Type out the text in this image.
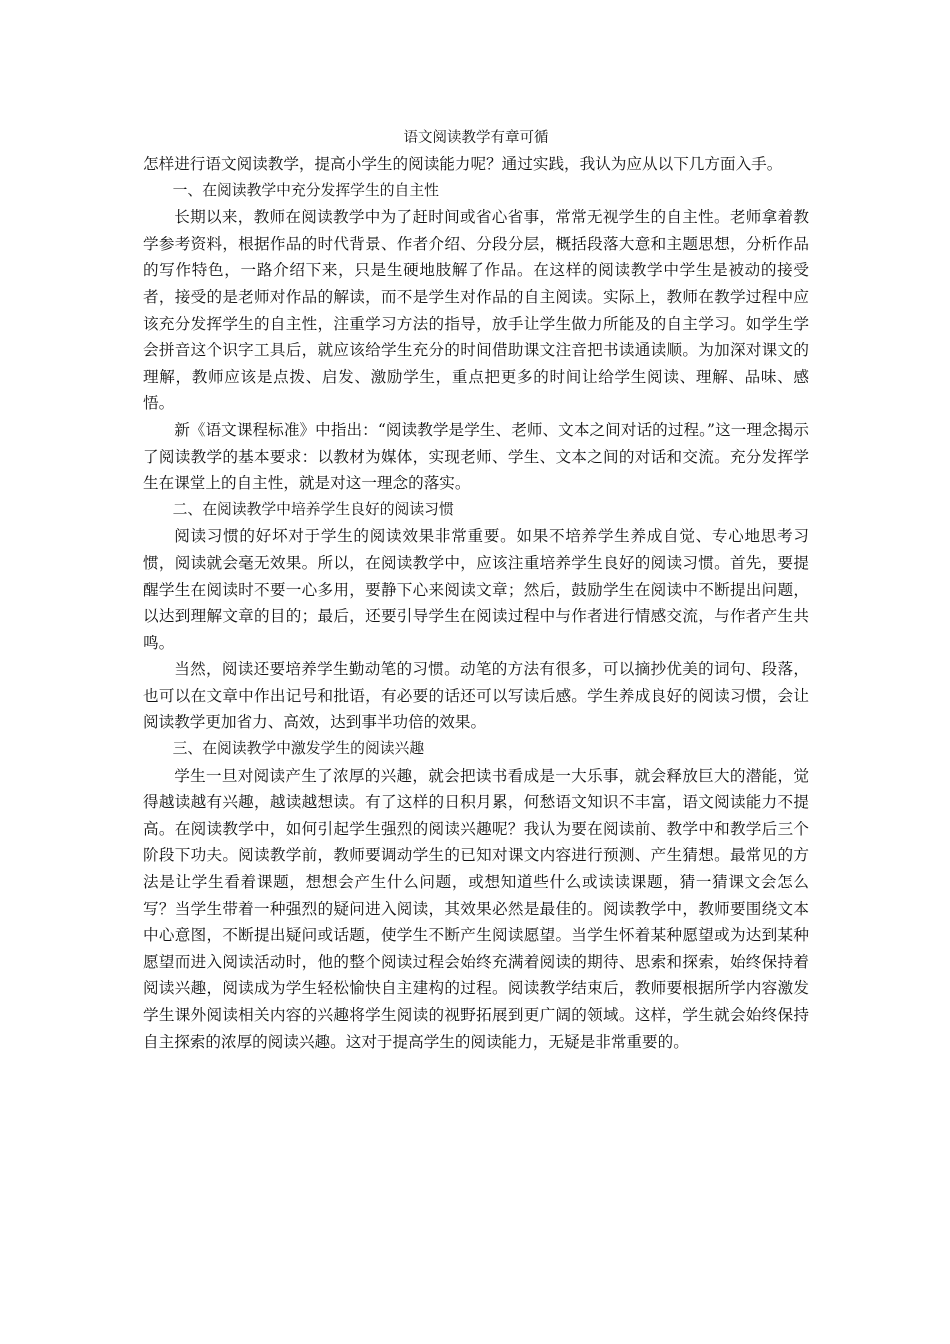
语文阅读教学有章可循

怎样进行语文阅读教学，提高小学生的阅读能力呢？通过实践，我认为应从以下几方面入手。

一、在阅读教学中充分发挥学生的自主性

长期以来，教师在阅读教学中为了赶时间或省心省事，常常无视学生的自主性。老师拿着教学参考资料，根据作品的时代背景、作者介绍、分段分层，概括段落大意和主题思想，分析作品的写作特色，一路介绍下来，只是生硬地肢解了作品。在这样的阅读教学中学生是被动的接受者，接受的是老师对作品的解读，而不是学生对作品的自主阅读。实际上，教师在教学过程中应该充分发挥学生的自主性，注重学习方法的指导，放手让学生做力所能及的自主学习。如学生学会拼音这个识字工具后，就应该给学生充分的时间借助课文注音把书读通读顺。为加深对课文的理解，教师应该是点拨、启发、激励学生，重点把更多的时间让给学生阅读、理解、品味、感悟。

新《语文课程标准》中指出：“阅读教学是学生、老师、文本之间对话的过程。”这一理念揭示了阅读教学的基本要求：以教材为媒体，实现老师、学生、文本之间的对话和交流。充分发挥学生在课堂上的自主性，就是对这一理念的落实。

二、在阅读教学中培养学生良好的阅读习惯

阅读习惯的好坏对于学生的阅读效果非常重要。如果不培养学生养成自觉、专心地思考习惯，阅读就会毫无效果。所以，在阅读教学中，应该注重培养学生良好的阅读习惯。首先，要提醒学生在阅读时不要一心多用，要静下心来阅读文章；然后，鼓励学生在阅读中不断提出问题，以达到理解文章的目的；最后，还要引导学生在阅读过程中与作者进行情感交流，与作者产生共鸣。

当然，阅读还要培养学生勤动笔的习惯。动笔的方法有很多，可以摘抄优美的词句、段落，也可以在文章中作出记号和批语，有必要的话还可以写读后感。学生养成良好的阅读习惯，会让阅读教学更加省力、高效，达到事半功倍的效果。

三、在阅读教学中激发学生的阅读兴趣

学生一旦对阅读产生了浓厚的兴趣，就会把读书看成是一大乐事，就会释放巨大的潜能，觉得越读越有兴趣，越读越想读。有了这样的日积月累，何愁语文知识不丰富，语文阅读能力不提高。在阅读教学中，如何引起学生强烈的阅读兴趣呢？我认为要在阅读前、教学中和教学后三个阶段下功夫。阅读教学前，教师要调动学生的已知对课文内容进行预测、产生猜想。最常见的方法是让学生看着课题，想想会产生什么问题，或想知道些什么或读读课题，猜一猜课文会怎么写？当学生带着一种强烈的疑问进入阅读，其效果必然是最佳的。阅读教学中，教师要围绕文本中心意图，不断提出疑问或话题，使学生不断产生阅读愿望。当学生怀着某种愿望或为达到某种愿望而进入阅读活动时，他的整个阅读过程会始终充满着阅读的期待、思索和探索，始终保持着阅读兴趣，阅读成为学生轻松愉快自主建构的过程。阅读教学结束后，教师要根据所学内容激发学生课外阅读相关内容的兴趣将学生阅读的视野拓展到更广阔的领域。这样，学生就会始终保持自主探索的浓厚的阅读兴趣。这对于提高学生的阅读能力，无疑是非常重要的。
